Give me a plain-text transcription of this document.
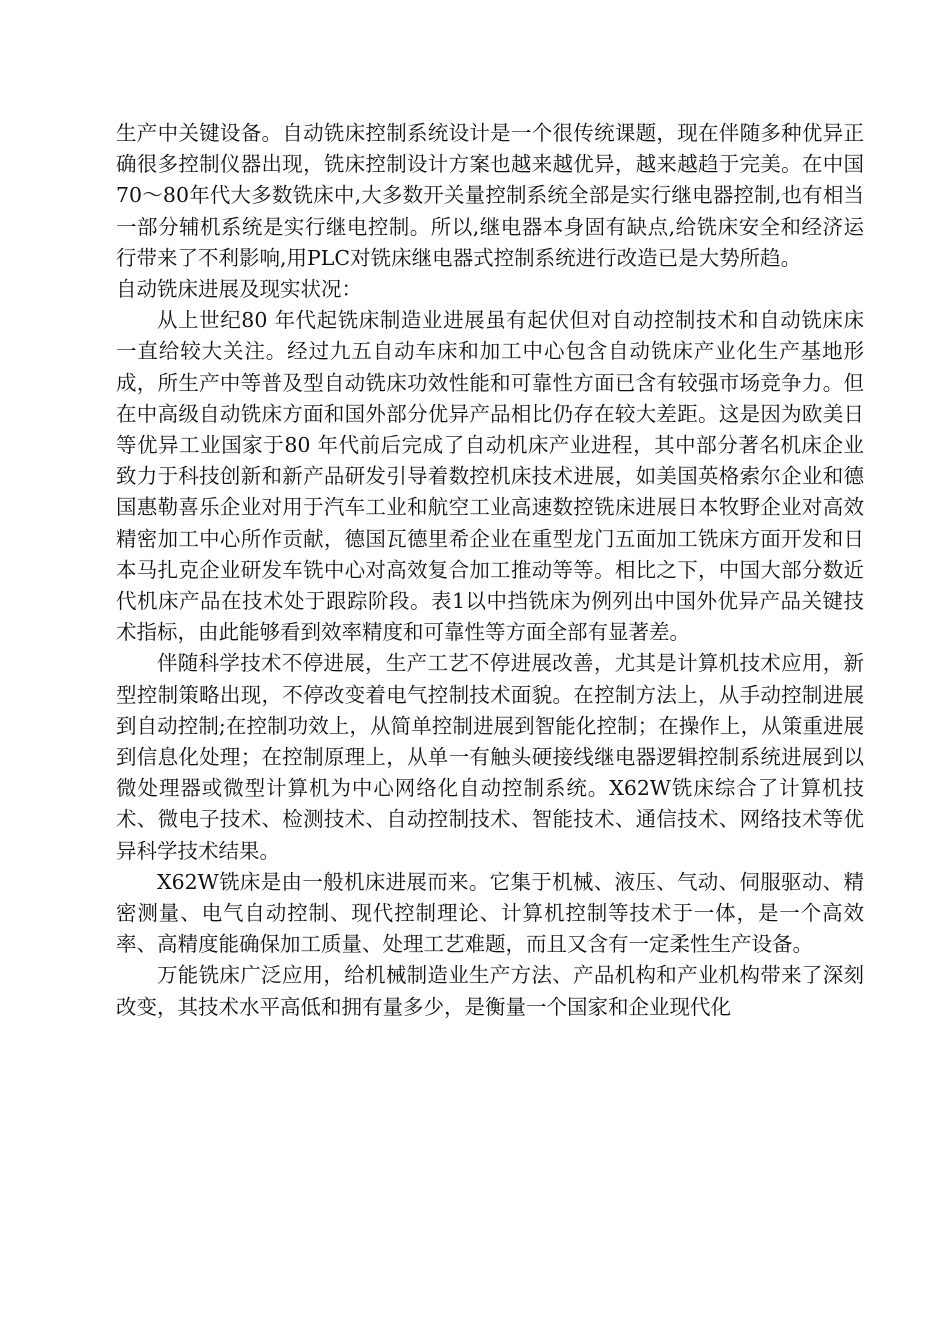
生产中关键设备。自动铣床控制系统设计是一个很传统课题，现在伴随多种优异正确很多控制仪器出现，铣床控制设计方案也越来越优异，越来越趋于完美。在中国70～80年代大多数铣床中,大多数开关量控制系统全部是实行继电器控制,也有相当一部分辅机系统是实行继电控制。所以,继电器本身固有缺点,给铣床安全和经济运行带来了不利影响,用PLC对铣床继电器式控制系统进行改造已是大势所趋。

自动铣床进展及现实状况：

从上世纪80 年代起铣床制造业进展虽有起伏但对自动控制技术和自动铣床床一直给较大关注。经过九五自动车床和加工中心包含自动铣床产业化生产基地形成，所生产中等普及型自动铣床功效性能和可靠性方面已含有较强市场竞争力。但在中高级自动铣床方面和国外部分优异产品相比仍存在较大差距。这是因为欧美日等优异工业国家于80 年代前后完成了自动机床产业进程，其中部分著名机床企业致力于科技创新和新产品研发引导着数控机床技术进展，如美国英格索尔企业和德国惠勒喜乐企业对用于汽车工业和航空工业高速数控铣床进展日本牧野企业对高效精密加工中心所作贡献，德国瓦德里希企业在重型龙门五面加工铣床方面开发和日本马扎克企业研发车铣中心对高效复合加工推动等等。相比之下，中国大部分数近代机床产品在技术处于跟踪阶段。表1以中挡铣床为例列出中国外优异产品关键技术指标，由此能够看到效率精度和可靠性等方面全部有显著差。

伴随科学技术不停进展，生产工艺不停进展改善，尤其是计算机技术应用，新型控制策略出现，不停改变着电气控制技术面貌。在控制方法上，从手动控制进展到自动控制;在控制功效上，从简单控制进展到智能化控制；在操作上，从策重进展到信息化处理；在控制原理上，从单一有触头硬接线继电器逻辑控制系统进展到以微处理器或微型计算机为中心网络化自动控制系统。X62W铣床综合了计算机技术、微电子技术、检测技术、自动控制技术、智能技术、通信技术、网络技术等优异科学技术结果。

X62W铣床是由一般机床进展而来。它集于机械、液压、气动、伺服驱动、精密测量、电气自动控制、现代控制理论、计算机控制等技术于一体，是一个高效率、高精度能确保加工质量、处理工艺难题，而且又含有一定柔性生产设备。

万能铣床广泛应用，给机械制造业生产方法、产品机构和产业机构带来了深刻改变，其技术水平高低和拥有量多少，是衡量一个国家和企业现代化
